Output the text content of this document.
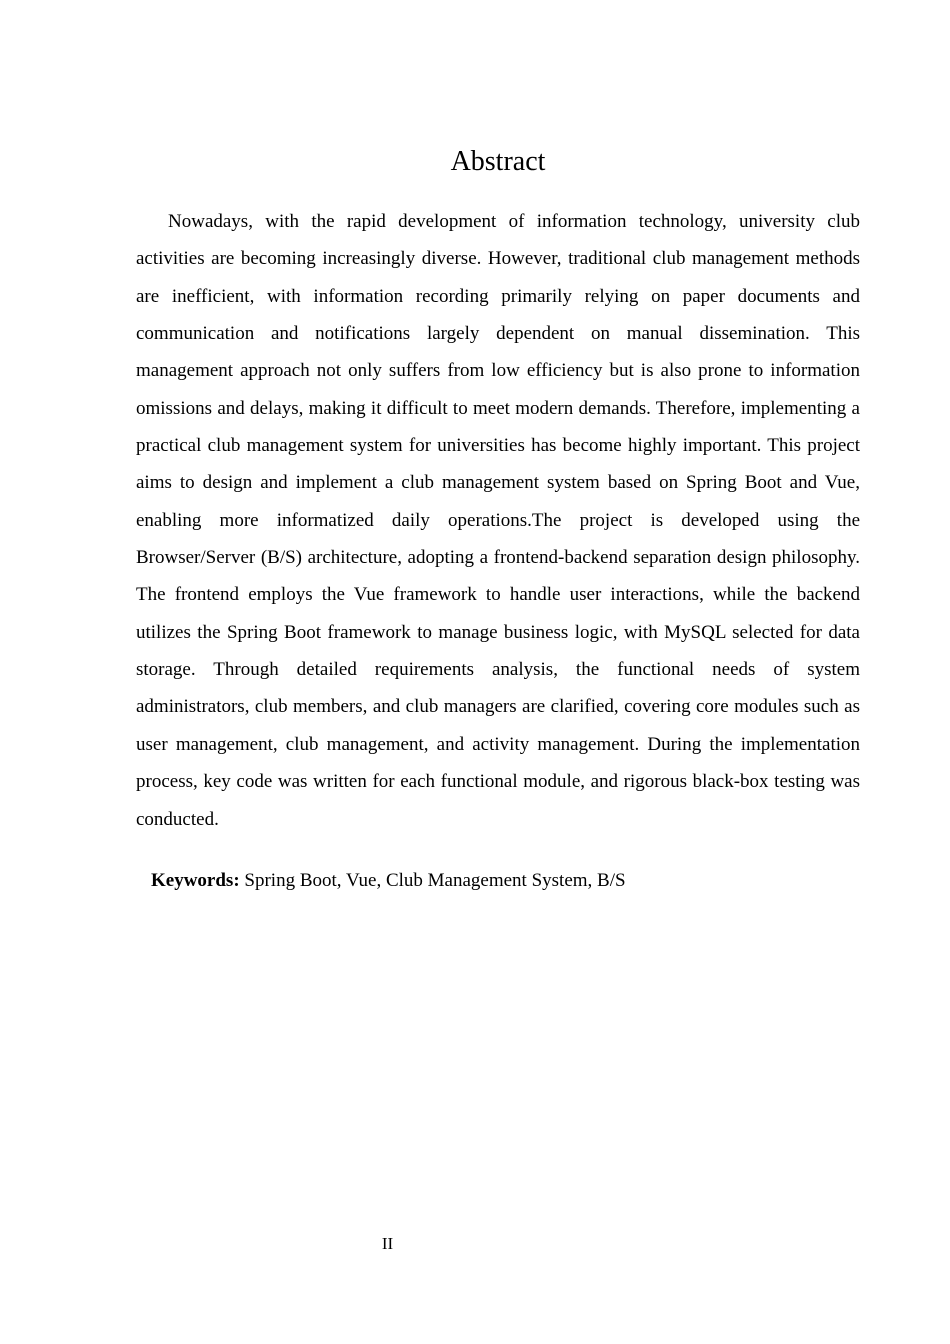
Abstract
Nowadays, with the rapid development of information technology, university club
activities are becoming increasingly diverse. However, traditional club management methods
are inefficient, with information recording primarily relying on paper documents and
communication and notifications largely dependent on manual dissemination. This
management approach not only suffers from low efficiency but is also prone to information
omissions and delays, making it difficult to meet modern demands. Therefore, implementing a
practical club management system for universities has become highly important. This project
aims to design and implement a club management system based on Spring Boot and Vue,
enabling more informatized daily operations.The project is developed using the
Browser/Server (B/S) architecture, adopting a frontend-backend separation design philosophy.
The frontend employs the Vue framework to handle user interactions, while the backend
utilizes the Spring Boot framework to manage business logic, with MySQL selected for data
storage. Through detailed requirements analysis, the functional needs of system
administrators, club members, and club managers are clarified, covering core modules such as
user management, club management, and activity management. During the implementation
process, key code was written for each functional module, and rigorous black-box testing was
conducted.

Keywords: Spring Boot, Vue, Club Management System, B/S

II
